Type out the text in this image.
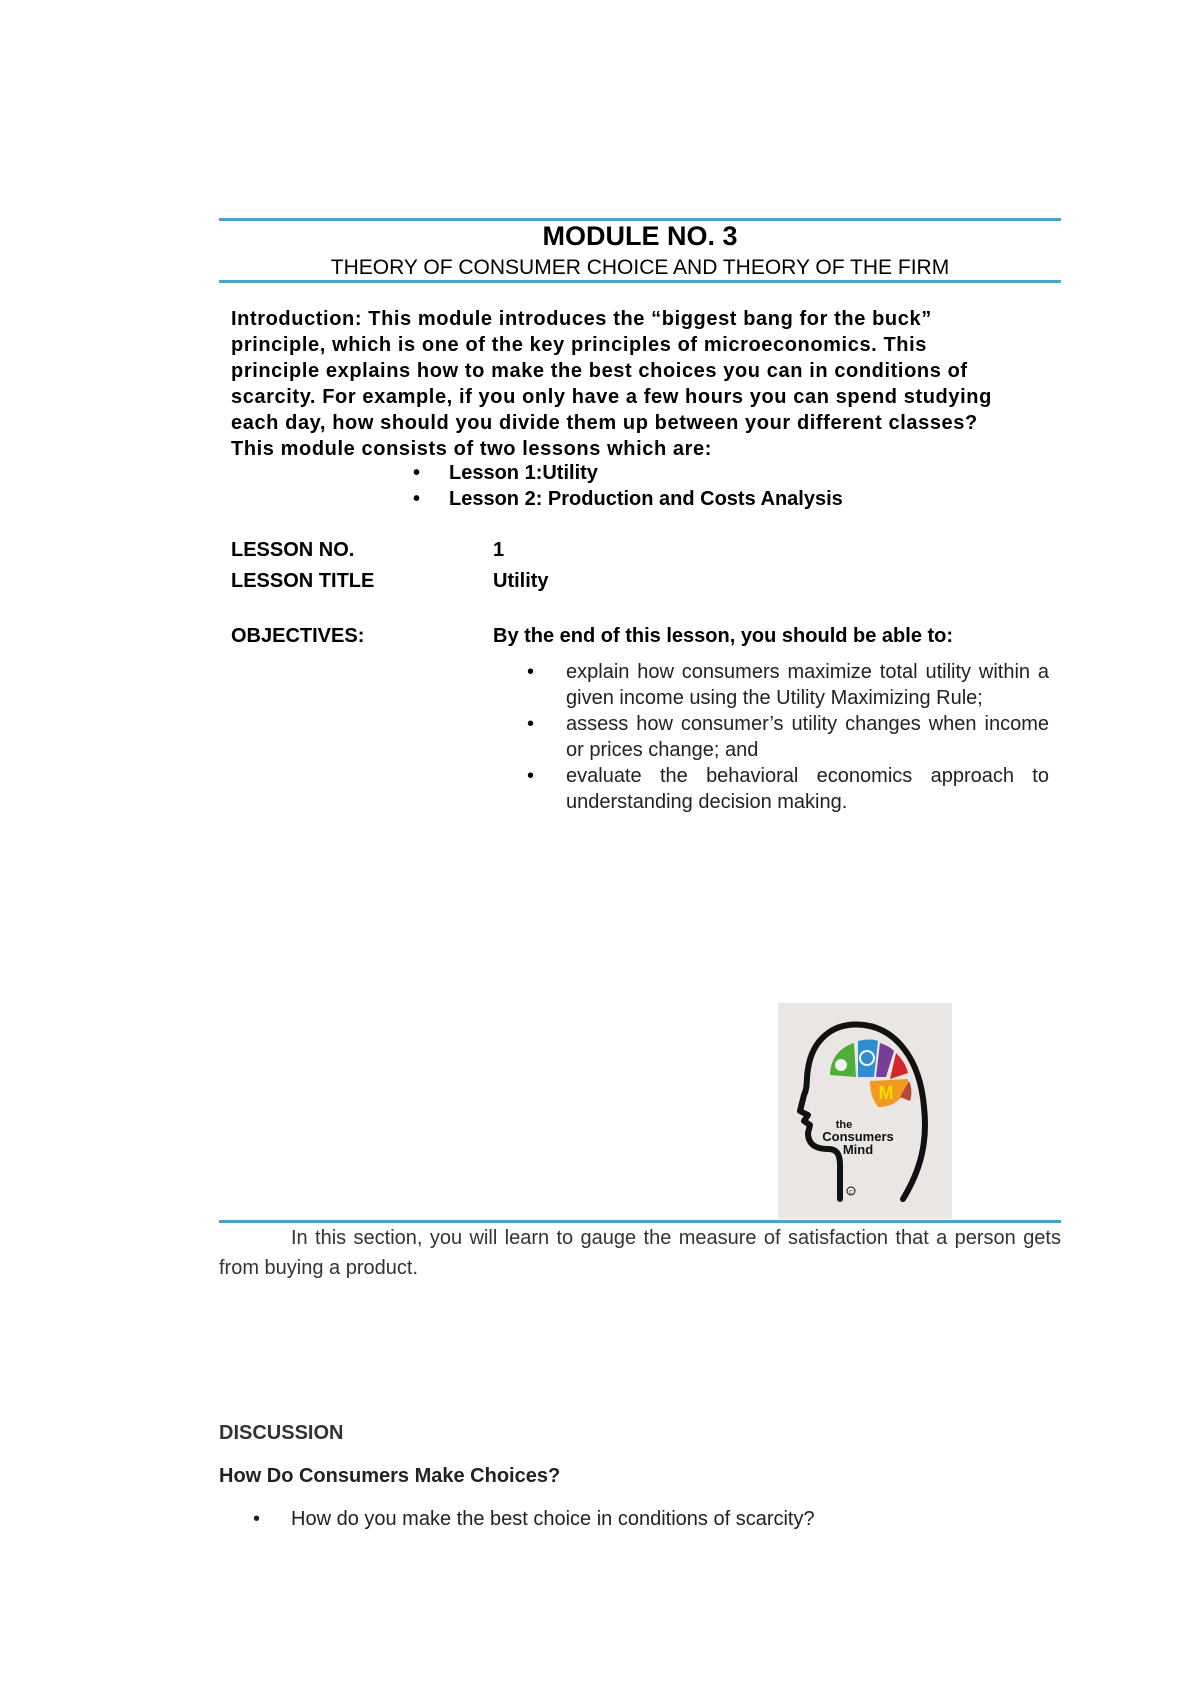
MODULE NO. 3
THEORY OF CONSUMER CHOICE AND THEORY OF THE FIRM
Introduction: This module introduces the “biggest bang for the buck”
principle, which is one of the key principles of microeconomics. This
principle explains how to make the best choices you can in conditions of
scarcity. For example, if you only have a few hours you can spend studying
each day, how should you divide them up between your different classes?
This module consists of two lessons which are:
• Lesson 1:Utility
• Lesson 2: Production and Costs Analysis
LESSON NO.	1
LESSON TITLE	Utility
OBJECTIVES:	By the end of this lesson, you should be able to:
• explain how consumers maximize total utility within a given income using the Utility Maximizing Rule;
• assess how consumer’s utility changes when income or prices change; and
• evaluate the behavioral economics approach to understanding decision making.
M
the
Consumers
Mind
C
In this section, you will learn to gauge the measure of satisfaction that a person gets from buying a product.
DISCUSSION
How Do Consumers Make Choices?
• How do you make the best choice in conditions of scarcity?
